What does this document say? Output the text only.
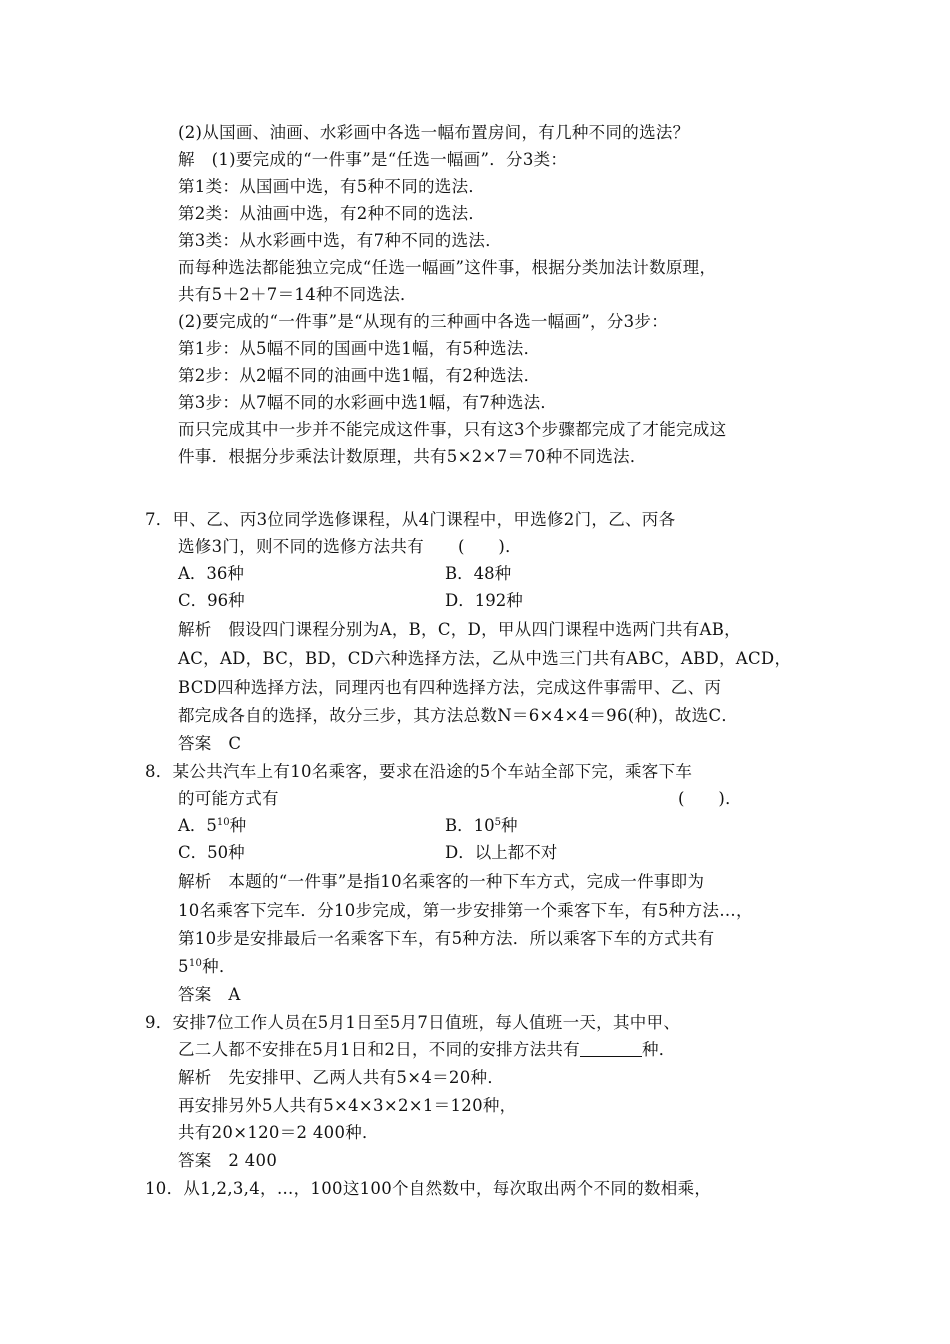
(2)从国画、油画、水彩画中各选一幅布置房间，有几种不同的选法？
解　(1)要完成的“一件事”是“任选一幅画”．分3类：
第1类：从国画中选，有5种不同的选法．
第2类：从油画中选，有2种不同的选法．
第3类：从水彩画中选，有7种不同的选法．
而每种选法都能独立完成“任选一幅画”这件事，根据分类加法计数原理，
共有5＋2＋7＝14种不同选法．
(2)要完成的“一件事”是“从现有的三种画中各选一幅画”，分3步：
第1步：从5幅不同的国画中选1幅，有5种选法．
第2步：从2幅不同的油画中选1幅，有2种选法．
第3步：从7幅不同的水彩画中选1幅，有7种选法．
而只完成其中一步并不能完成这件事，只有这3个步骤都完成了才能完成这
件事．根据分步乘法计数原理，共有5×2×7＝70种不同选法．
7．甲、乙、丙3位同学选修课程，从4门课程中，甲选修2门，乙、丙各
选修3门，则不同的选修方法共有 (　　)．
A．36种	B．48种
C．96种	D．192种
解析　假设四门课程分别为A，B，C，D，甲从四门课程中选两门共有AB，
AC，AD，BC，BD，CD六种选择方法，乙从中选三门共有ABC，ABD，ACD，
BCD四种选择方法，同理丙也有四种选择方法，完成这件事需甲、乙、丙
都完成各自的选择，故分三步，其方法总数N＝6×4×4＝96(种)，故选C．
答案　C
8．某公共汽车上有10名乘客，要求在沿途的5个车站全部下完，乘客下车
的可能方式有	(　　)．
A．$5^{10}$种	B．$10^5$种
C．50种	D．以上都不对
解析　本题的“一件事”是指10名乘客的一种下车方式，完成一件事即为
10名乘客下完车．分10步完成，第一步安排第一个乘客下车，有5种方法…，
第10步是安排最后一名乘客下车，有5种方法．所以乘客下车的方式共有
$5^{10}$种．
答案　A
9．安排7位工作人员在5月1日至5月7日值班，每人值班一天，其中甲、
乙二人都不安排在5月1日和2日，不同的安排方法共有	种．
解析　先安排甲、乙两人共有5×4＝20种．
再安排另外5人共有5×4×3×2×1＝120种，
共有20×120＝2 400种．
答案　2 400
10．从1,2,3,4，…，100这100个自然数中，每次取出两个不同的数相乘，
